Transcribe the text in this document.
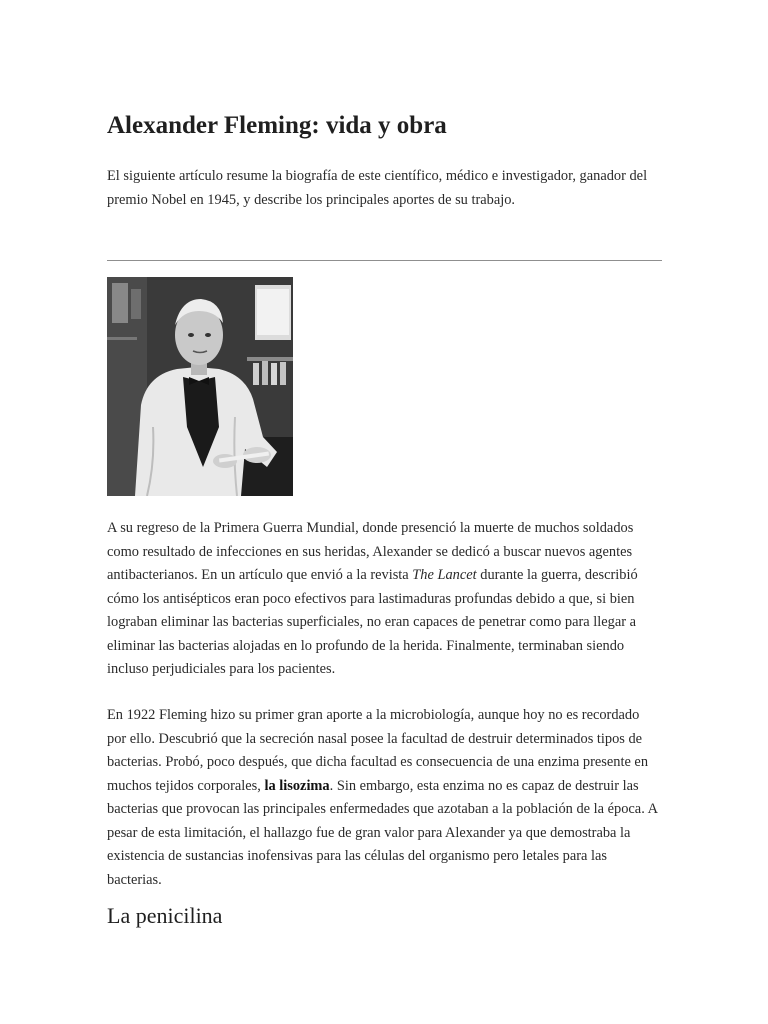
Alexander Fleming: vida y obra

El siguiente artículo resume la biografía de este científico, médico e investigador, ganador del premio Nobel en 1945, y describe los principales aportes de su trabajo.

A su regreso de la Primera Guerra Mundial, donde presenció la muerte de muchos soldados como resultado de infecciones en sus heridas, Alexander se dedicó a buscar nuevos agentes antibacterianos. En un artículo que envió a la revista The Lancet durante la guerra, describió cómo los antisépticos eran poco efectivos para lastimaduras profundas debido a que, si bien lograban eliminar las bacterias superficiales, no eran capaces de penetrar como para llegar a eliminar las bacterias alojadas en lo profundo de la herida. Finalmente, terminaban siendo incluso perjudiciales para los pacientes.

En 1922 Fleming hizo su primer gran aporte a la microbiología, aunque hoy no es recordado por ello. Descubrió que la secreción nasal posee la facultad de destruir determinados tipos de bacterias. Probó, poco después, que dicha facultad es consecuencia de una enzima presente en muchos tejidos corporales, la lisozima. Sin embargo, esta enzima no es capaz de destruir las bacterias que provocan las principales enfermedades que azotaban a la población de la época. A pesar de esta limitación, el hallazgo fue de gran valor para Alexander ya que demostraba la existencia de sustancias inofensivas para las células del organismo pero letales para las bacterias.

La penicilina
